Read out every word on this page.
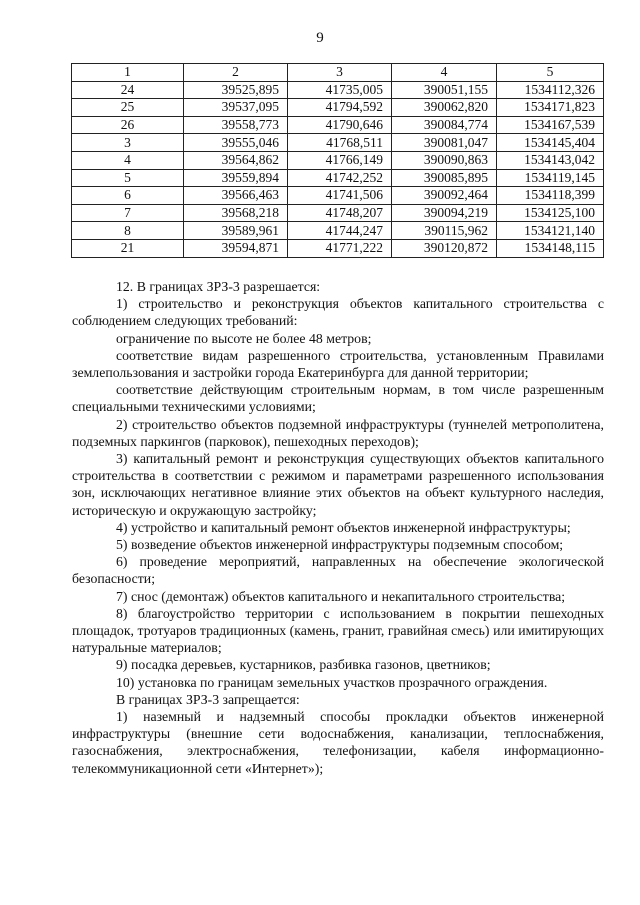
9
1	2	3	4	5
24	39525,895	41735,005	390051,155	1534112,326
25	39537,095	41794,592	390062,820	1534171,823
26	39558,773	41790,646	390084,774	1534167,539
3	39555,046	41768,511	390081,047	1534145,404
4	39564,862	41766,149	390090,863	1534143,042
5	39559,894	41742,252	390085,895	1534119,145
6	39566,463	41741,506	390092,464	1534118,399
7	39568,218	41748,207	390094,219	1534125,100
8	39589,961	41744,247	390115,962	1534121,140
21	39594,871	41771,222	390120,872	1534148,115

12. В границах ЗРЗ-3 разрешается:

1) строительство и реконструкция объектов капитального строительства с соблюдением следующих требований:

ограничение по высоте не более 48 метров;

соответствие видам разрешенного строительства, установленным Правилами землепользования и застройки города Екатеринбурга для данной территории;

соответствие действующим строительным нормам, в том числе разрешенным специальными техническими условиями;

2) строительство объектов подземной инфраструктуры (туннелей метрополитена, подземных паркингов (парковок), пешеходных переходов);

3) капитальный ремонт и реконструкция существующих объектов капитального строительства в соответствии с режимом и параметрами разрешенного использования зон, исключающих негативное влияние этих объектов на объект культурного наследия, историческую и окружающую застройку;

4) устройство и капитальный ремонт объектов инженерной инфраструктуры;

5) возведение объектов инженерной инфраструктуры подземным способом;

6) проведение мероприятий, направленных на обеспечение экологической безопасности;

7) снос (демонтаж) объектов капитального и некапитального строительства;

8) благоустройство территории с использованием в покрытии пешеходных площадок, тротуаров традиционных (камень, гранит, гравийная смесь) или имитирующих натуральные материалов;

9) посадка деревьев, кустарников, разбивка газонов, цветников;

10) установка по границам земельных участков прозрачного ограждения.

В границах ЗРЗ-3 запрещается:

1) наземный и надземный способы прокладки объектов инженерной инфраструктуры (внешние сети водоснабжения, канализации, теплоснабжения, газоснабжения, электроснабжения, телефонизации, кабеля информационно-телекоммуникационной сети «Интернет»);
